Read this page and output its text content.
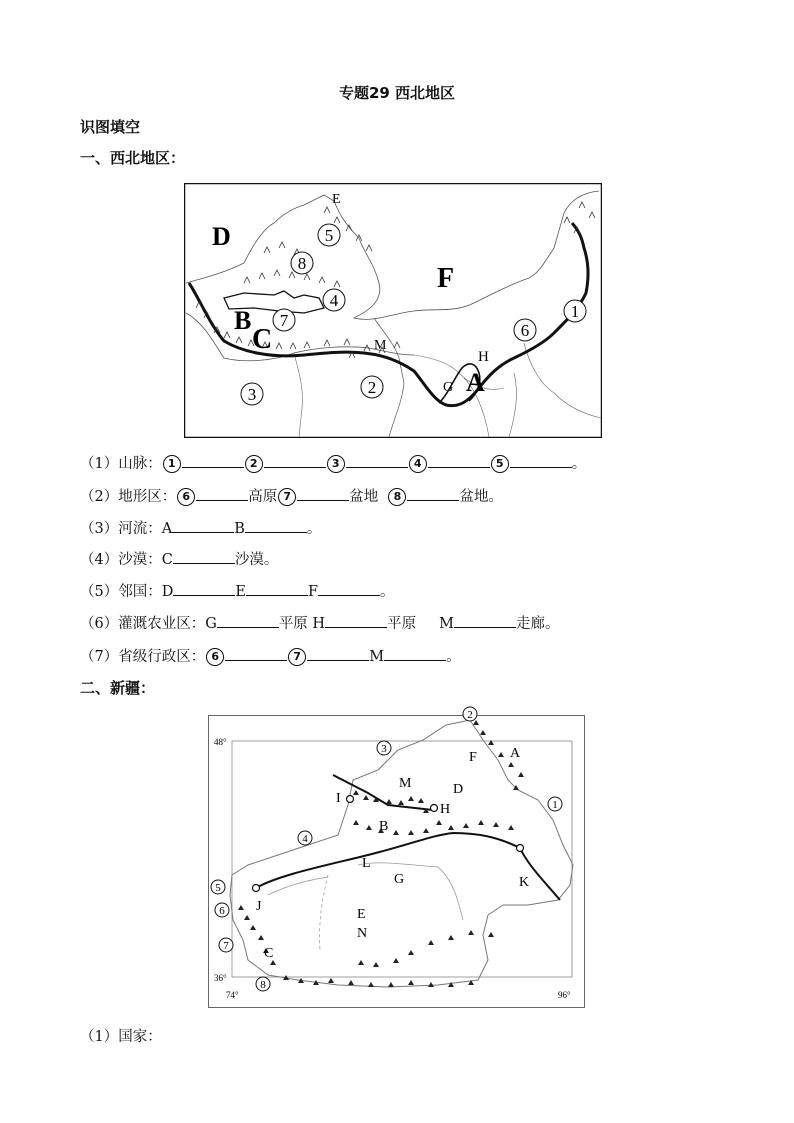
专题29 西北地区
识图填空
一、西北地区：
D
E
F
B
C
A
H
M
G
5
8
4
7
3	2
6
1
（1）山脉： 1	2	3	4	5	。
（2）地形区： 6	高原 7	盆地 8	盆地。
（3）河流：A	B	。
（4）沙漠：C	沙漠。
（5）邻国：D	E	F	。
（6）灌溉农业区：G	平原 H	平原 M	走廊。
（7）省级行政区： 6	7	M	。
二、新疆：
48°
36°
74°	96°
A
F
D
M
I
H
B
L
G	K
J
E
N
C
2
3
1
4
5
6
7
8
（1）国家：
